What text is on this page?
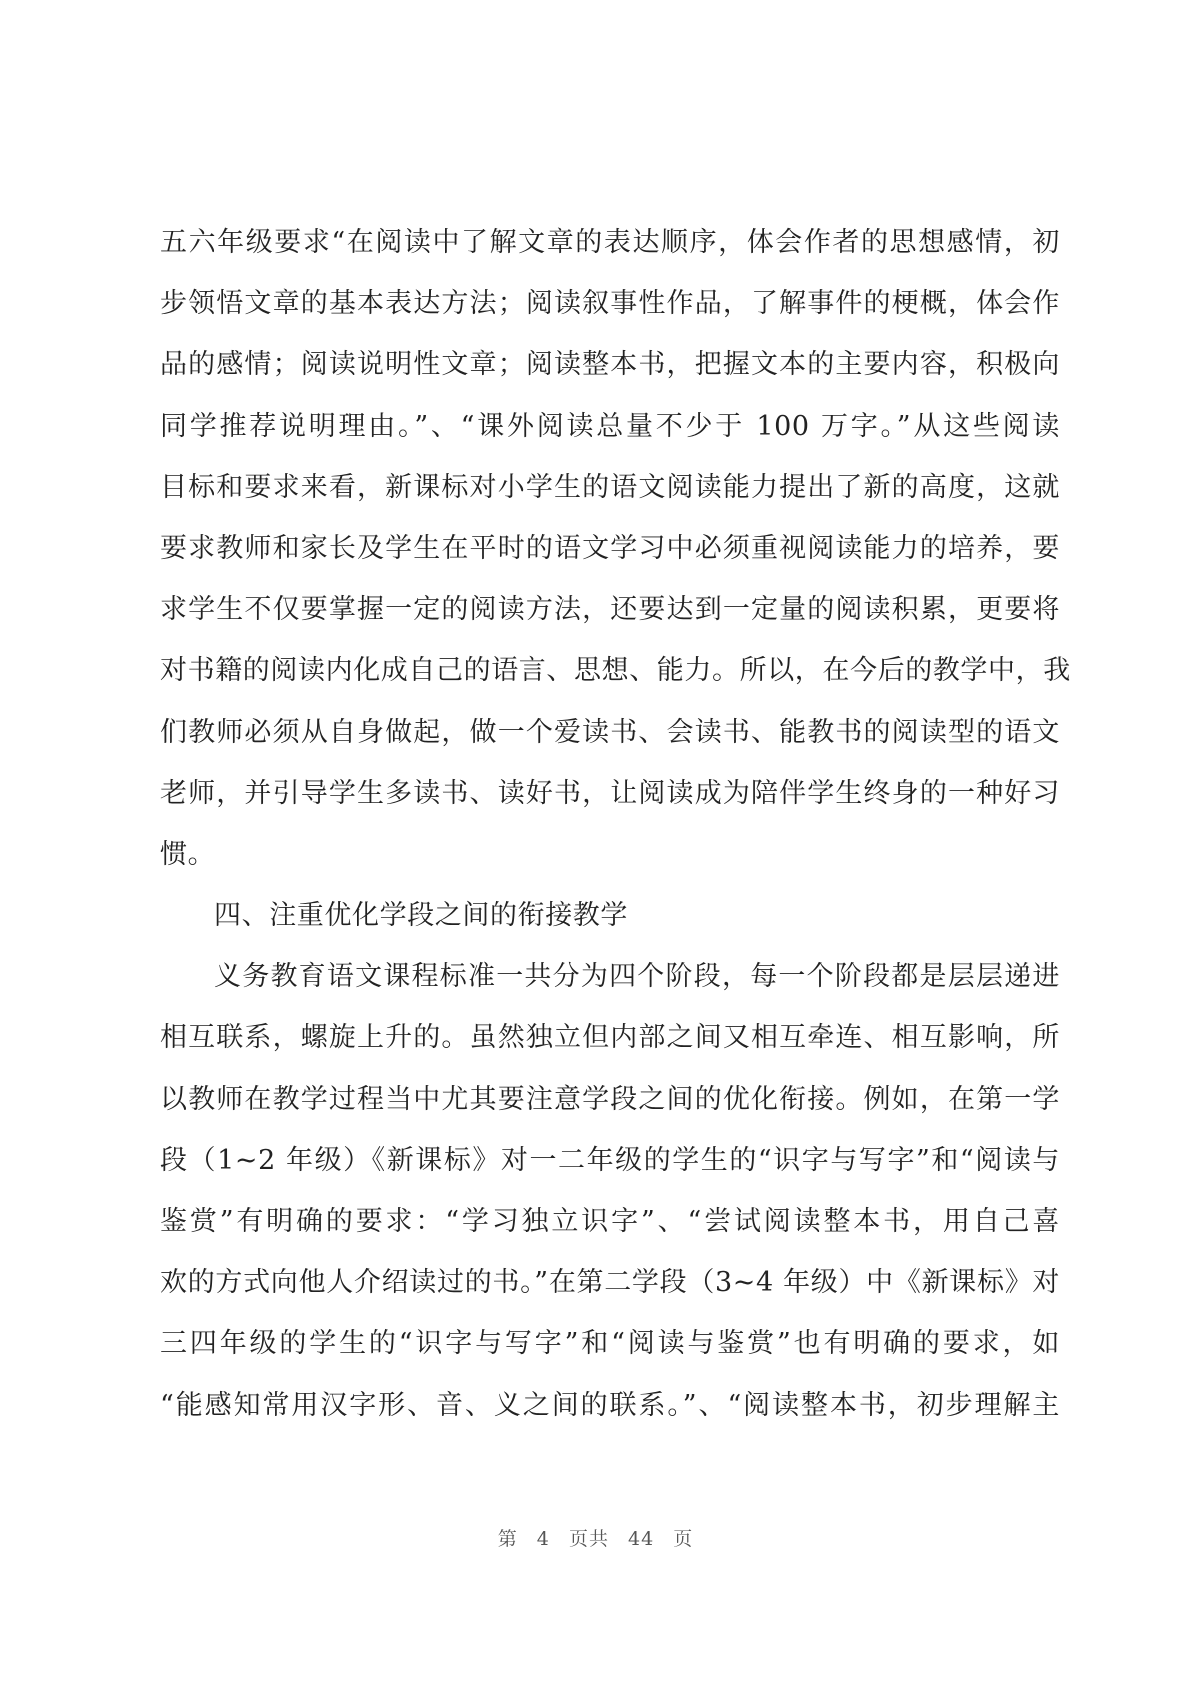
五六年级要求“在阅读中了解文章的表达顺序，体会作者的思想感情，初
步领悟文章的基本表达方法；阅读叙事性作品，了解事件的梗概，体会作
品的感情；阅读说明性文章；阅读整本书，把握文本的主要内容，积极向
同学推荐说明理由。”、“课外阅读总量不少于 100 万字。”从这些阅读
目标和要求来看，新课标对小学生的语文阅读能力提出了新的高度，这就
要求教师和家长及学生在平时的语文学习中必须重视阅读能力的培养，要
求学生不仅要掌握一定的阅读方法，还要达到一定量的阅读积累，更要将
对书籍的阅读内化成自己的语言、思想、能力。所以，在今后的教学中，我
们教师必须从自身做起，做一个爱读书、会读书、能教书的阅读型的语文
老师，并引导学生多读书、读好书，让阅读成为陪伴学生终身的一种好习
惯。
四、注重优化学段之间的衔接教学
义务教育语文课程标准一共分为四个阶段，每一个阶段都是层层递进
相互联系，螺旋上升的。虽然独立但内部之间又相互牵连、相互影响，所
以教师在教学过程当中尤其要注意学段之间的优化衔接。例如，在第一学
段（1~2 年级）《新课标》对一二年级的学生的“识字与写字”和“阅读与
鉴赏”有明确的要求：“学习独立识字”、“尝试阅读整本书，用自己喜
欢的方式向他人介绍读过的书。”在第二学段（3~4 年级）中《新课标》对
三四年级的学生的“识字与写字”和“阅读与鉴赏”也有明确的要求，如
“能感知常用汉字形、音、义之间的联系。”、“阅读整本书，初步理解主
第 4 页共 44 页
